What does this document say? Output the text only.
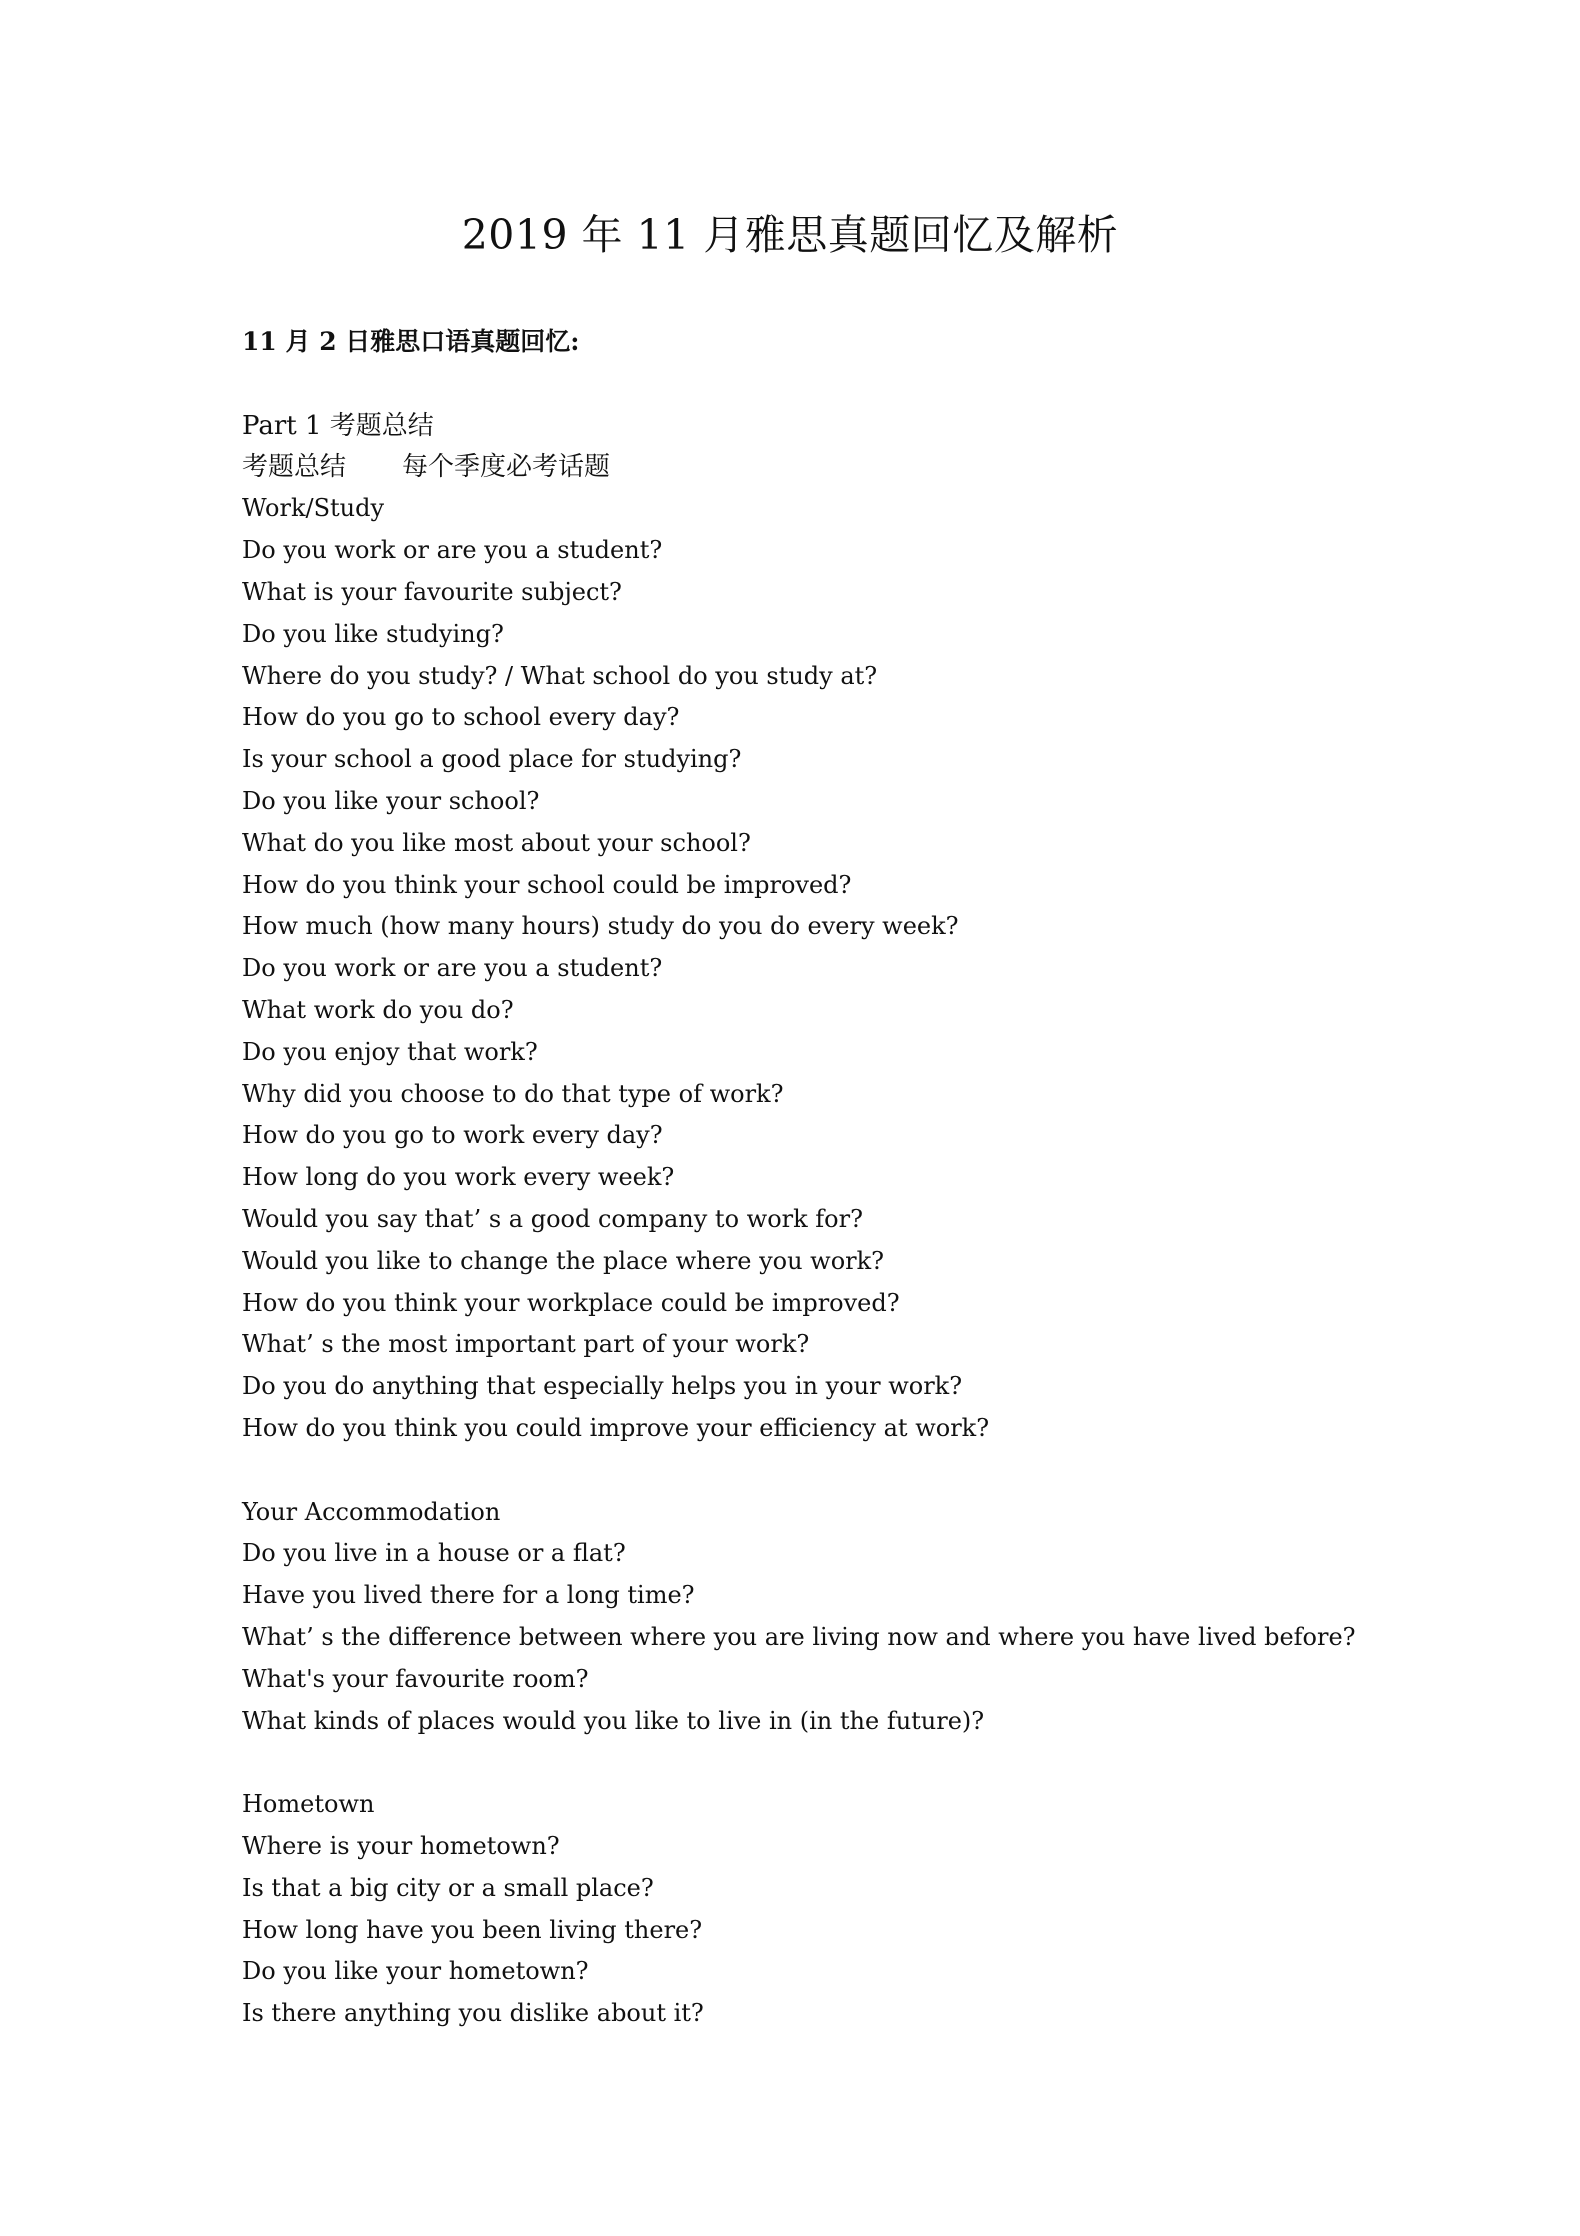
2019 年 11 月雅思真题回忆及解析
11 月 2 日雅思口语真题回忆:
Part 1 考题总结
考题总结 每个季度必考话题
Work/Study
Do you work or are you a student?
What is your favourite subject?
Do you like studying?
Where do you study? / What school do you study at?
How do you go to school every day?
Is your school a good place for studying?
Do you like your school?
What do you like most about your school?
How do you think your school could be improved?
How much (how many hours) study do you do every week?
Do you work or are you a student?
What work do you do?
Do you enjoy that work?
Why did you choose to do that type of work?
How do you go to work every day?
How long do you work every week?
Would you say that’ s a good company to work for?
Would you like to change the place where you work?
How do you think your workplace could be improved?
What’ s the most important part of your work?
Do you do anything that especially helps you in your work?
How do you think you could improve your efficiency at work?
Your Accommodation
Do you live in a house or a flat?
Have you lived there for a long time?
What’ s the difference between where you are living now and where you have lived before?
What's your favourite room?
What kinds of places would you like to live in (in the future)?
Hometown
Where is your hometown?
Is that a big city or a small place?
How long have you been living there?
Do you like your hometown?
Is there anything you dislike about it?
